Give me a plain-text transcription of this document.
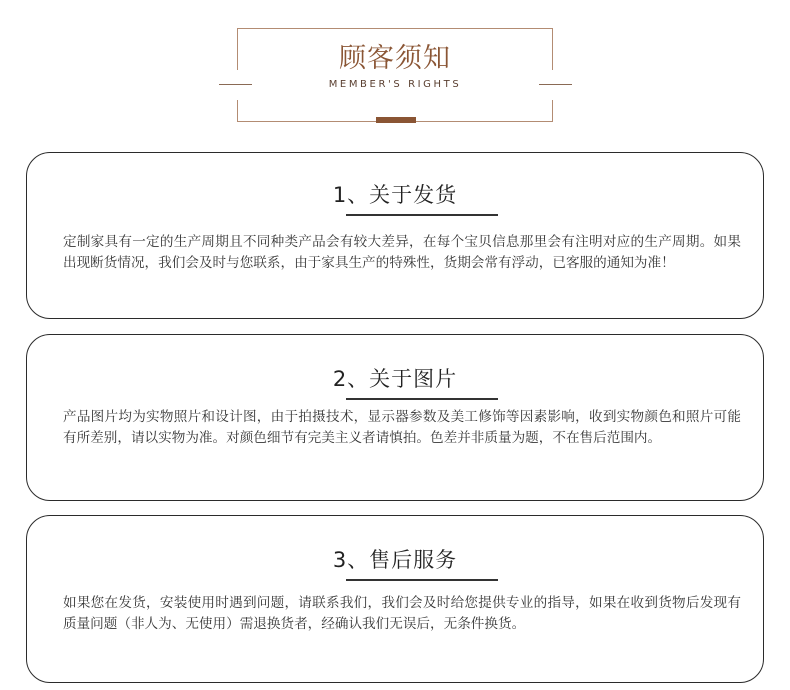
顾客须知
MEMBER'S RIGHTS
1、关于发货
定制家具有一定的生产周期且不同种类产品会有较大差异，在每个宝贝信息那里会有注明对应的生产周期。如果出现断货情况，我们会及时与您联系，由于家具生产的特殊性，货期会常有浮动，已客服的通知为准！
2、关于图片
产品图片均为实物照片和设计图，由于拍摄技术，显示器参数及美工修饰等因素影响，收到实物颜色和照片可能有所差别，请以实物为准。对颜色细节有完美主义者请慎拍。色差并非质量为题，不在售后范围内。
3、售后服务
如果您在发货，安装使用时遇到问题，请联系我们，我们会及时给您提供专业的指导，如果在收到货物后发现有质量问题（非人为、无使用）需退换货者，经确认我们无误后，无条件换货。
